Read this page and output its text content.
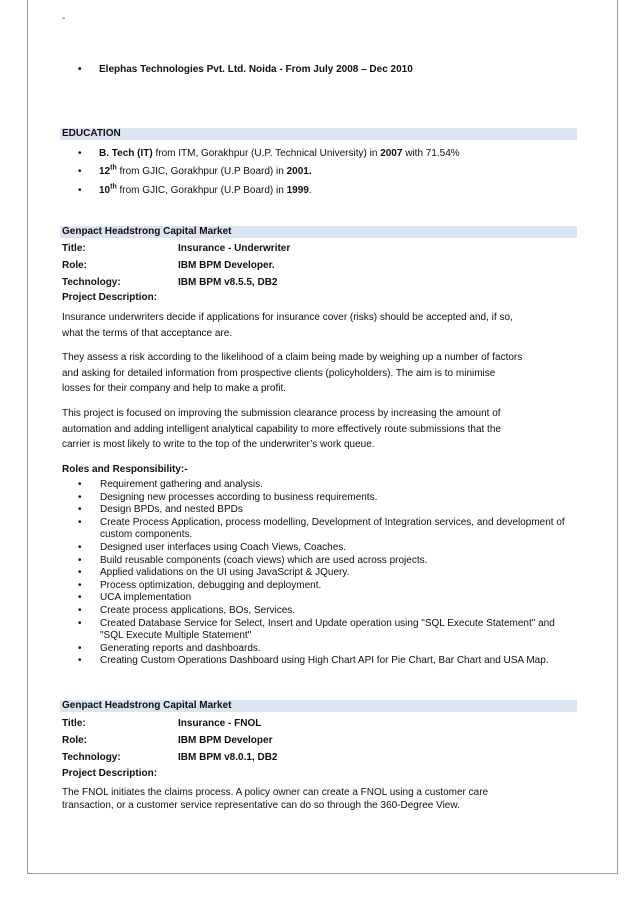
-
• Elephas Technologies Pvt. Ltd. Noida - From July 2008 – Dec 2010
EDUCATION
• B. Tech (IT) from ITM, Gorakhpur (U.P. Technical University) in 2007 with 71.54%
• 12th from GJIC, Gorakhpur (U.P Board) in 2001.
• 10th from GJIC, Gorakhpur (U.P Board) in 1999.
Genpact Headstrong Capital Market
Title:	Insurance - Underwriter
Role:	IBM BPM Developer.
Technology:	IBM BPM v8.5.5, DB2
Project Description:
Insurance underwriters decide if applications for insurance cover (risks) should be accepted and, if so,
what the terms of that acceptance are.
They assess a risk according to the likelihood of a claim being made by weighing up a number of factors
and asking for detailed information from prospective clients (policyholders). The aim is to minimise
losses for their company and help to make a profit.
This project is focused on improving the submission clearance process by increasing the amount of
automation and adding intelligent analytical capability to more effectively route submissions that the
carrier is most likely to write to the top of the underwriter’s work queue.
Roles and Responsibility:-
• Requirement gathering and analysis.
• Designing new processes according to business requirements.
• Design BPDs, and nested BPDs
• Create Process Application, process modelling, Development of Integration services, and development of custom components.
• Designed user interfaces using Coach Views, Coaches.
• Build reusable components (coach views) which are used across projects.
• Applied validations on the UI using JavaScript & JQuery.
• Process optimization, debugging and deployment.
• UCA implementation
• Create process applications, BOs, Services.
• Created Database Service for Select, Insert and Update operation using "SQL Execute Statement" and "SQL Execute Multiple Statement"
• Generating reports and dashboards.
• Creating Custom Operations Dashboard using High Chart API for Pie Chart, Bar Chart and USA Map.
Genpact Headstrong Capital Market
Title:	Insurance - FNOL
Role:	IBM BPM Developer
Technology:	IBM BPM v8.0.1, DB2
Project Description:
The FNOL initiates the claims process. A policy owner can create a FNOL using a customer care
transaction, or a customer service representative can do so through the 360-Degree View.
